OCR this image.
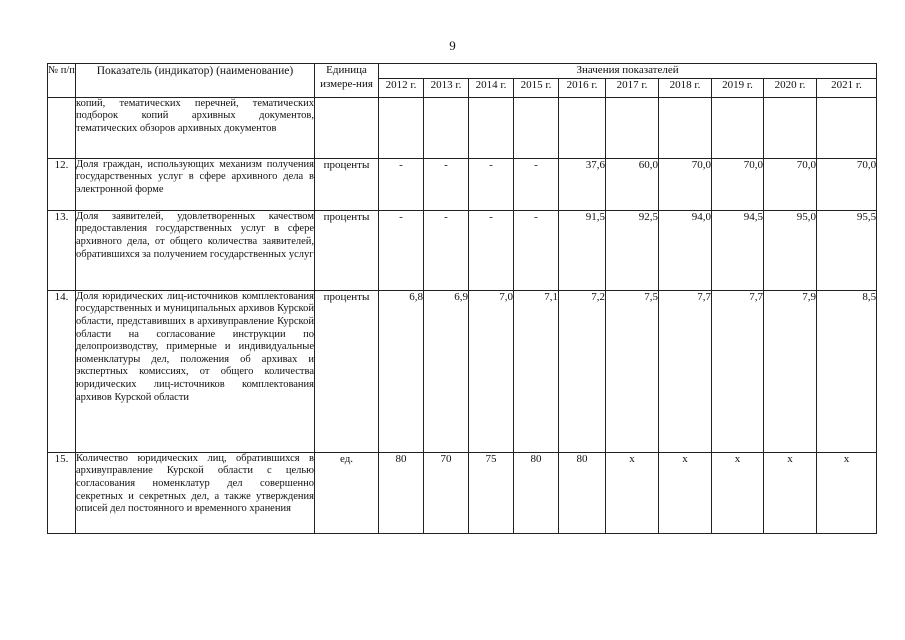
9
№ п/п	Показатель (индикатор) (наименование)	Единица измере-ния	Значения показателей									
			2012 г.	2013 г.	2014 г.	2015 г.	2016 г.	2017 г.	2018 г.	2019 г.	2020 г.	2021 г.

	копий, тематических перечней, тематических подборок копий архивных документов, тематических обзоров архивных документов											

12.	Доля граждан, использующих механизм получения государственных услуг в сфере архивного дела в электронной форме	проценты	-	-	-	-	37,6	60,0	70,0	70,0	70,0	70,0
13.	Доля заявителей, удовлетворенных качеством предоставления государственных услуг в сфере архивного дела, от общего количества заявителей, обратившихся за получением государственных услуг	проценты	-	-	-	-	91,5	92,5	94,0	94,5	95,0	95,5
14.	Доля юридических лиц-источников комплектования государственных и муниципальных архивов Курской области, представивших в архивуправление Курской области на согласование инструкции по делопроизводству, примерные и индивидуальные номенклатуры дел, положения об архивах и экспертных комиссиях, от общего количества юридических лиц-источников комплектования архивов Курской области	проценты	6,8	6,9	7,0	7,1	7,2	7,5	7,7	7,7	7,9	8,5
15.	Количество юридических лиц, обратившихся в архивуправление Курской области с целью согласования номенклатур дел совершенно секретных и секретных дел, а также утверждения описей дел постоянного и временного хранения	ед.	80	70	75	80	80	х	х	х	х	х
